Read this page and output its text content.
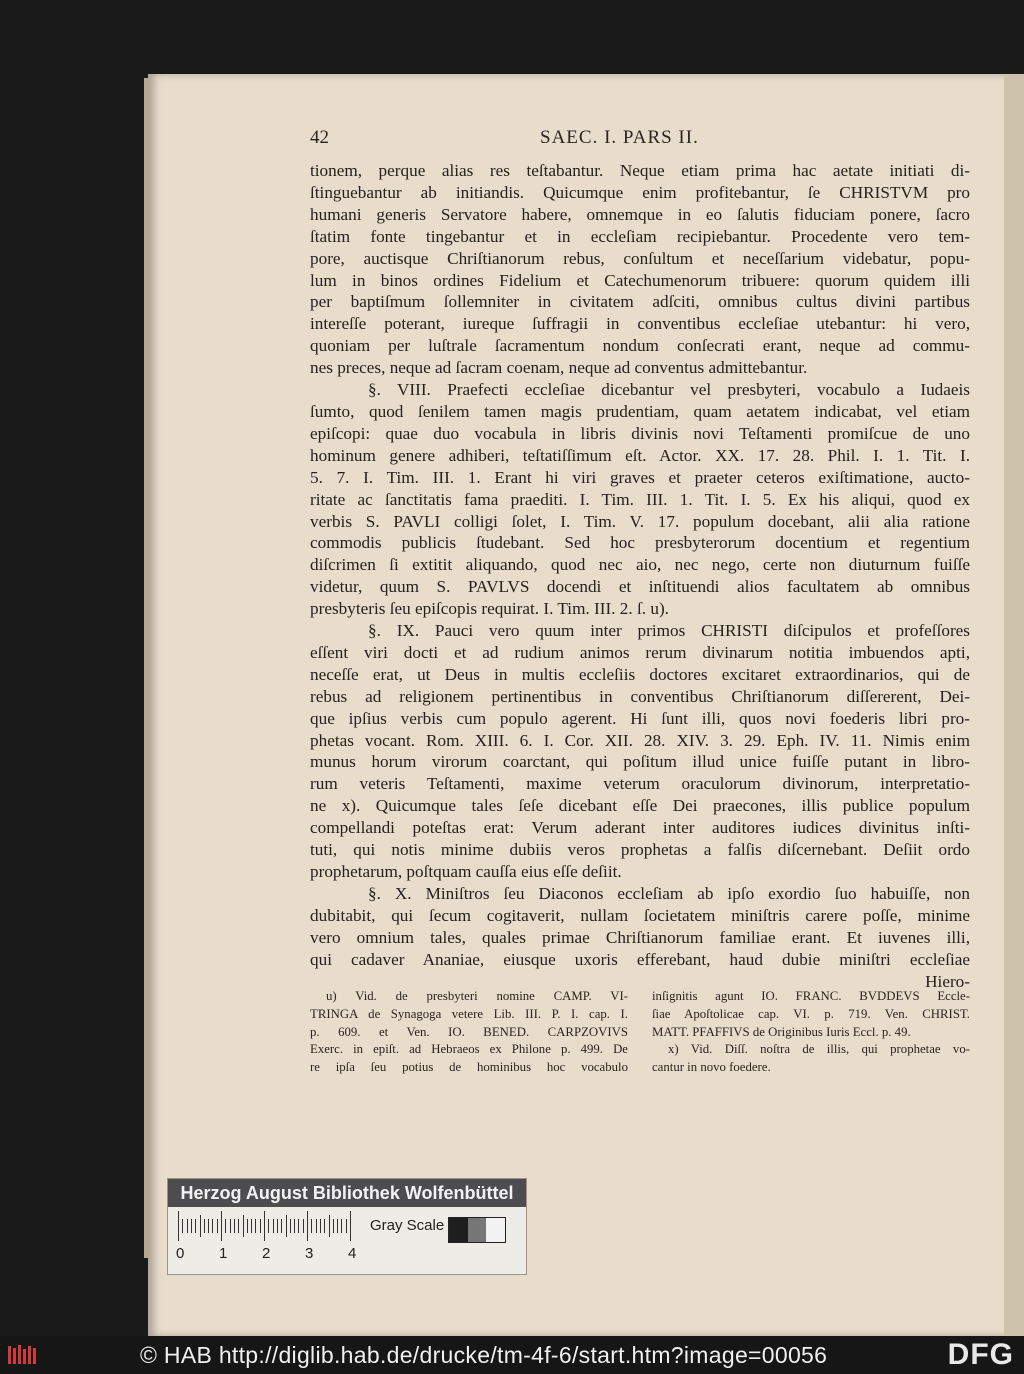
42	SAEC. I. PARS II.

tionem, perque alias res teſtabantur. Neque etiam prima hac aetate initiati di-

ſtinguebantur ab initiandis. Quicumque enim profitebantur, ſe CHRISTVM pro

humani generis Servatore habere, omnemque in eo ſalutis fiduciam ponere, ſacro

ſtatim fonte tingebantur et in eccleſiam recipiebantur. Procedente vero tem-

pore, auctisque Chriſtianorum rebus, conſultum et neceſſarium videbatur, popu-

lum in binos ordines Fidelium et Catechumenorum tribuere: quorum quidem illi

per baptiſmum ſollemniter in civitatem adſciti, omnibus cultus divini partibus

intereſſe poterant, iureque ſuffragii in conventibus eccleſiae utebantur: hi vero,

quoniam per luſtrale ſacramentum nondum conſecrati erant, neque ad commu-

nes preces, neque ad ſacram coenam, neque ad conventus admittebantur.

§. VIII. Praefecti eccleſiae dicebantur vel presbyteri, vocabulo a Iudaeis

ſumto, quod ſenilem tamen magis prudentiam, quam aetatem indicabat, vel etiam

epiſcopi: quae duo vocabula in libris divinis novi Teſtamenti promiſcue de uno

hominum genere adhiberi, teſtatiſſimum eſt. Actor. XX. 17. 28. Phil. I. 1. Tit. I.

5. 7. I. Tim. III. 1. Erant hi viri graves et praeter ceteros exiſtimatione, aucto-

ritate ac ſanctitatis fama praediti. I. Tim. III. 1. Tit. I. 5. Ex his aliqui, quod ex

verbis S. PAVLI colligi ſolet, I. Tim. V. 17. populum docebant, alii alia ratione

commodis publicis ſtudebant. Sed hoc presbyterorum docentium et regentium

diſcrimen ſi extitit aliquando, quod nec aio, nec nego, certe non diuturnum fuiſſe

videtur, quum S. PAVLVS docendi et inſtituendi alios facultatem ab omnibus

presbyteris ſeu epiſcopis requirat. I. Tim. III. 2. ſ. u).

§. IX. Pauci vero quum inter primos CHRISTI diſcipulos et profeſſores

eſſent viri docti et ad rudium animos rerum divinarum notitia imbuendos apti,

neceſſe erat, ut Deus in multis eccleſiis doctores excitaret extraordinarios, qui de

rebus ad religionem pertinentibus in conventibus Chriſtianorum diſſererent, Dei-

que ipſius verbis cum populo agerent. Hi ſunt illi, quos novi foederis libri pro-

phetas vocant. Rom. XIII. 6. I. Cor. XII. 28. XIV. 3. 29. Eph. IV. 11. Nimis enim

munus horum virorum coarctant, qui poſitum illud unice fuiſſe putant in libro-

rum veteris Teſtamenti, maxime veterum oraculorum divinorum, interpretatio-

ne x). Quicumque tales ſeſe dicebant eſſe Dei praecones, illis publice populum

compellandi poteſtas erat: Verum aderant inter auditores iudices divinitus inſti-

tuti, qui notis minime dubiis veros prophetas a falſis diſcernebant. Deſiit ordo

prophetarum, poſtquam cauſſa eius eſſe deſiit.

§. X. Miniſtros ſeu Diaconos eccleſiam ab ipſo exordio ſuo habuiſſe, non

dubitabit, qui ſecum cogitaverit, nullam ſocietatem miniſtris carere poſſe, minime

vero omnium tales, quales primae Chriſtianorum familiae erant. Et iuvenes illi,

qui cadaver Ananiae, eiusque uxoris efferebant, haud dubie miniſtri eccleſiae

Hiero-

u) Vid. de presbyteri nomine CAMP. VI-

TRINGA de Synagoga vetere Lib. III. P. I. cap. I.

p. 609. et Ven. IO. BENED. CARPZOVIVS

Exerc. in epiſt. ad Hebraeos ex Philone p. 499. De

re ipſa ſeu potius de hominibus hoc vocabulo

inſignitis agunt IO. FRANC. BVDDEVS Eccle-

ſiae Apoſtolicae cap. VI. p. 719. Ven. CHRIST.

MATT. PFAFFIVS de Originibus Iuris Eccl. p. 49.

x) Vid. Diſſ. noſtra de illis, qui prophetae vo-

cantur in novo foedere.

Herzog August Bibliothek Wolfenbüttel
0 1 2 3 4
Gray Scale
© HAB http://diglib.hab.de/drucke/tm-4f-6/start.htm?image=00056	DFG
